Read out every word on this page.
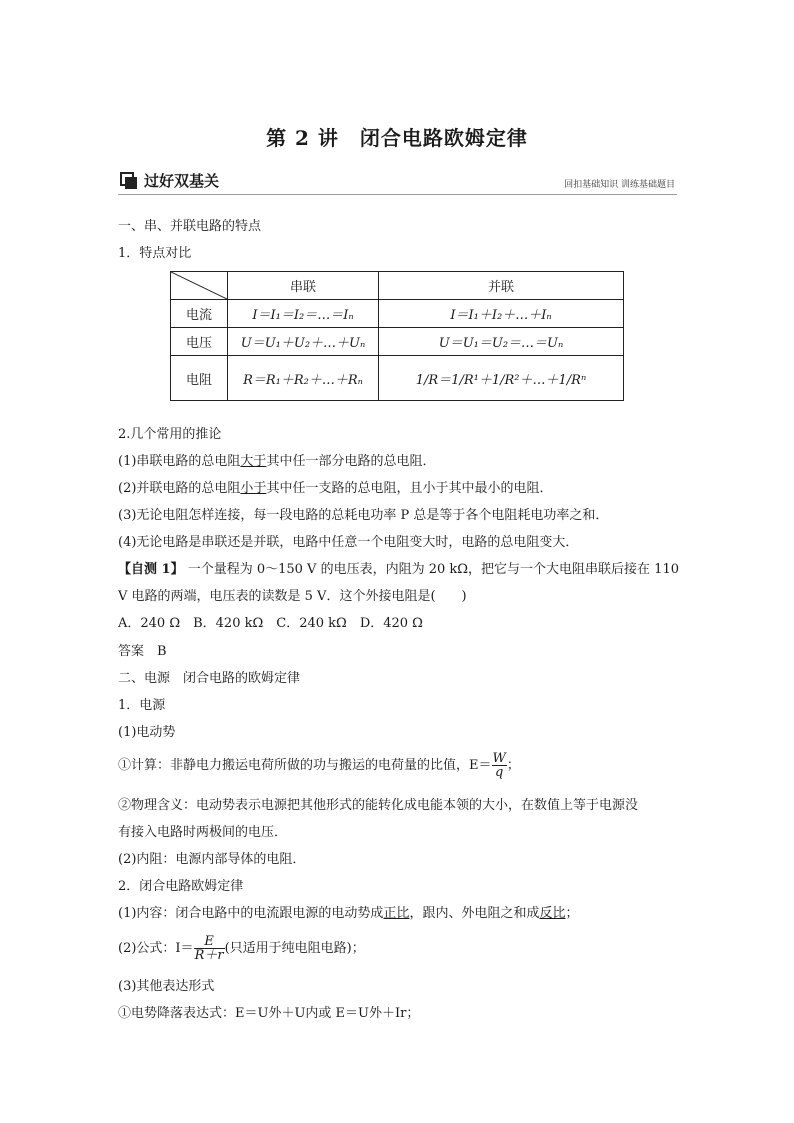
第 2 讲　闭合电路欧姆定律
过好双基关	回扣基础知识 训练基础题目
一、串、并联电路的特点
1．特点对比
	串联	并联
电流	I＝I₁＝I₂＝…＝Iₙ	I＝I₁＋I₂＋…＋Iₙ
电压	U＝U₁＋U₂＋…＋Uₙ	U＝U₁＝U₂＝…＝Uₙ
电阻	R＝R₁＋R₂＋…＋Rₙ	1/R＝1/R¹＋1/R²＋…＋1/Rⁿ
2.几个常用的推论
(1)串联电路的总电阻大于其中任一部分电路的总电阻．
(2)并联电路的总电阻小于其中任一支路的总电阻，且小于其中最小的电阻．
(3)无论电阻怎样连接，每一段电路的总耗电功率 P 总是等于各个电阻耗电功率之和．
(4)无论电路是串联还是并联，电路中任意一个电阻变大时，电路的总电阻变大．
【自测 1】 一个量程为 0～150 V 的电压表，内阻为 20 kΩ，把它与一个大电阻串联后接在 110
V 电路的两端，电压表的读数是 5 V．这个外接电阻是(　　)
A．240 Ω　B．420 kΩ　C．240 kΩ　D．420 Ω
答案　B
二、电源　闭合电路的欧姆定律
1．电源
(1)电动势
①计算：非静电力搬运电荷所做的功与搬运的电荷量的比值，$E= \frac{W}{q}$ ；
②物理含义：电动势表示电源把其他形式的能转化成电能本领的大小，在数值上等于电源没
有接入电路时两极间的电压．
(2)内阻：电源内部导体的电阻．
2．闭合电路欧姆定律
(1)内容：闭合电路中的电流跟电源的电动势成正比，跟内、外电阻之和成反比；
(2)公式：$I= \frac{E}{R+r}$ (只适用于纯电阻电路)；
(3)其他表达形式
①电势降落表达式：E＝U外＋U内或 E＝U外＋Ir；
